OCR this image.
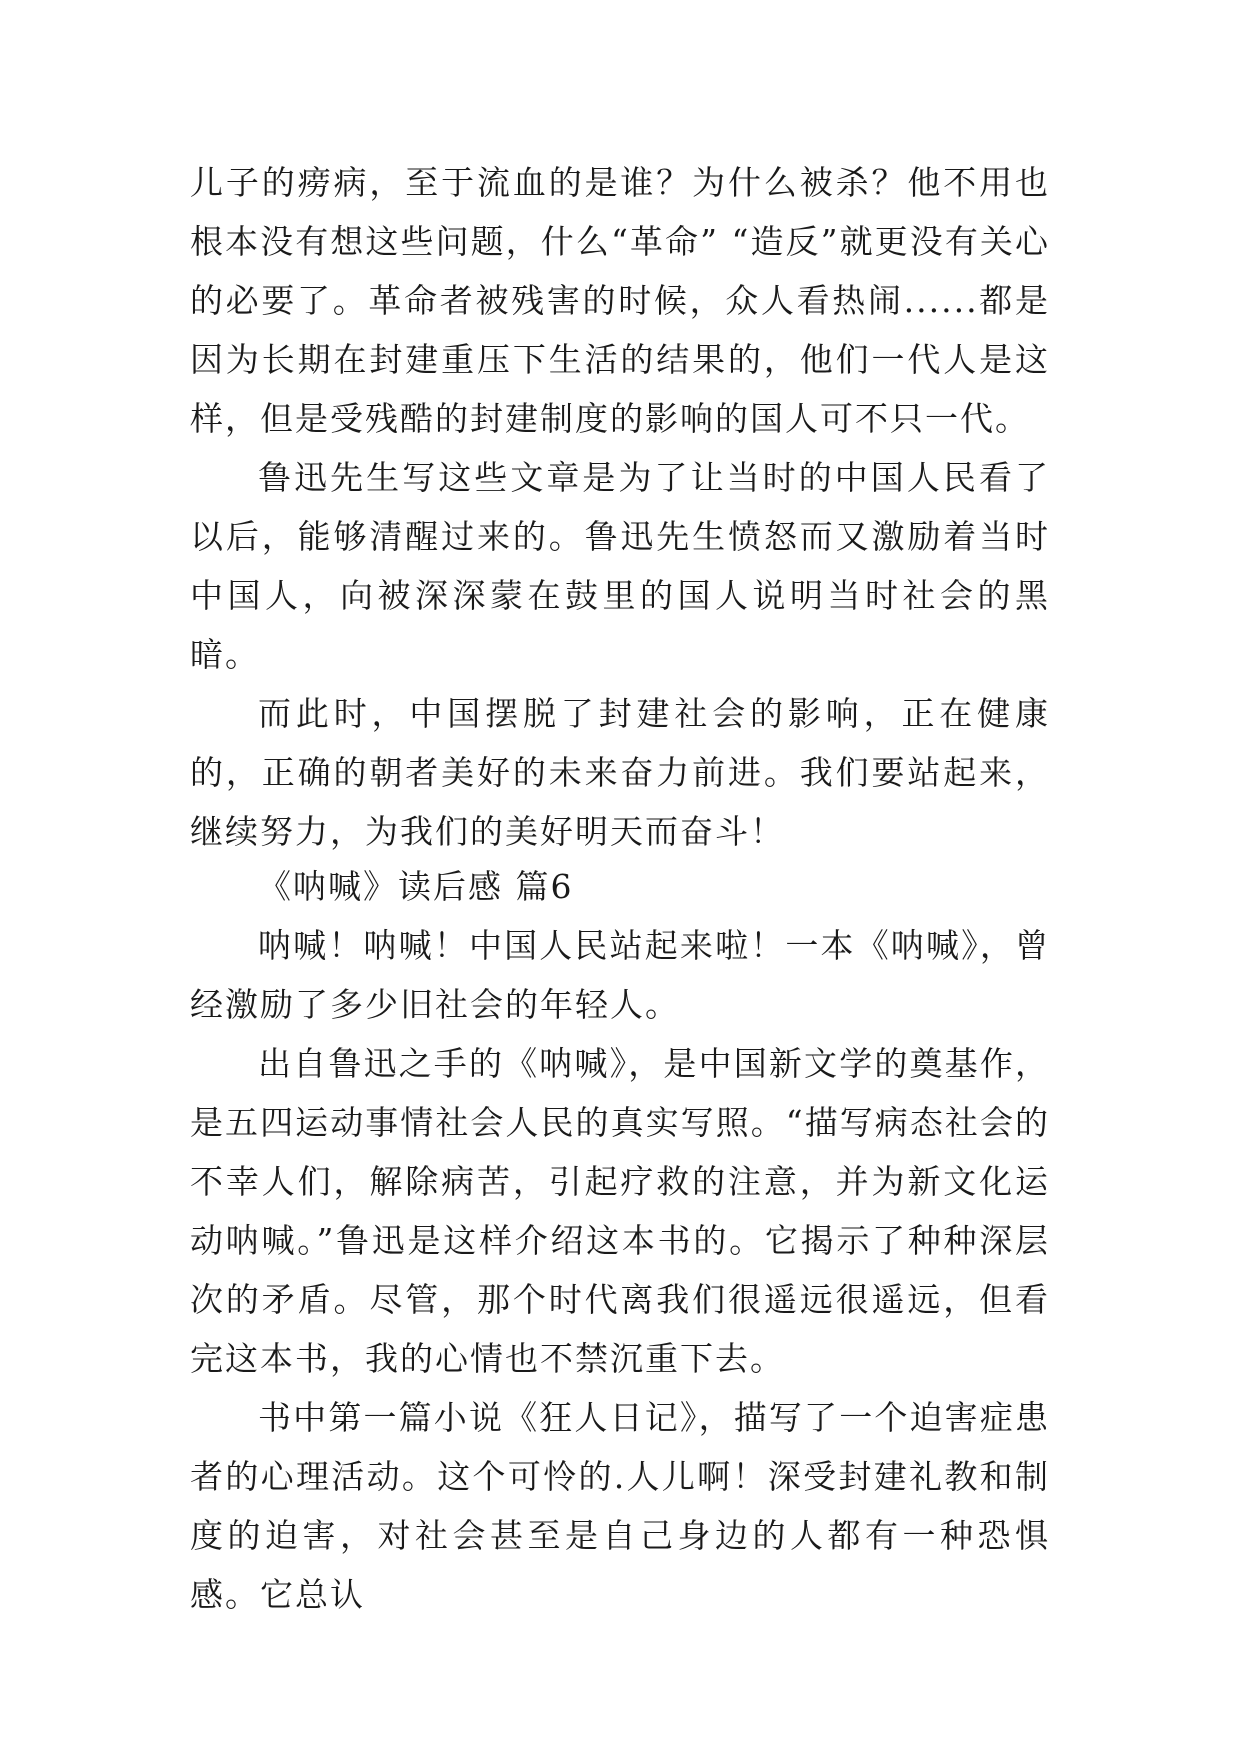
儿子的痨病，至于流血的是谁？为什么被杀？他不用也根本没有想这些问题，什么“革命” “造反”就更没有关心的必要了。革命者被残害的时候，众人看热闹......都是因为长期在封建重压下生活的结果的，他们一代人是这样，但是受残酷的封建制度的影响的国人可不只一代。

鲁迅先生写这些文章是为了让当时的中国人民看了以后，能够清醒过来的。鲁迅先生愤怒而又激励着当时中国人，向被深深蒙在鼓里的国人说明当时社会的黑暗。

而此时，中国摆脱了封建社会的影响，正在健康的，正确的朝者美好的未来奋力前进。我们要站起来，继续努力，为我们的美好明天而奋斗！

《呐喊》读后感 篇6

呐喊！呐喊！中国人民站起来啦！一本《呐喊》，曾经激励了多少旧社会的年轻人。

出自鲁迅之手的《呐喊》，是中国新文学的奠基作，是五四运动事情社会人民的真实写照。“描写病态社会的不幸人们，解除病苦，引起疗救的注意，并为新文化运动呐喊。”鲁迅是这样介绍这本书的。它揭示了种种深层次的矛盾。尽管，那个时代离我们很遥远很遥远，但看完这本书，我的心情也不禁沉重下去。

书中第一篇小说《狂人日记》，描写了一个迫害症患者的心理活动。这个可怜的.人儿啊！深受封建礼教和制度的迫害，对社会甚至是自己身边的人都有一种恐惧感。它总认
